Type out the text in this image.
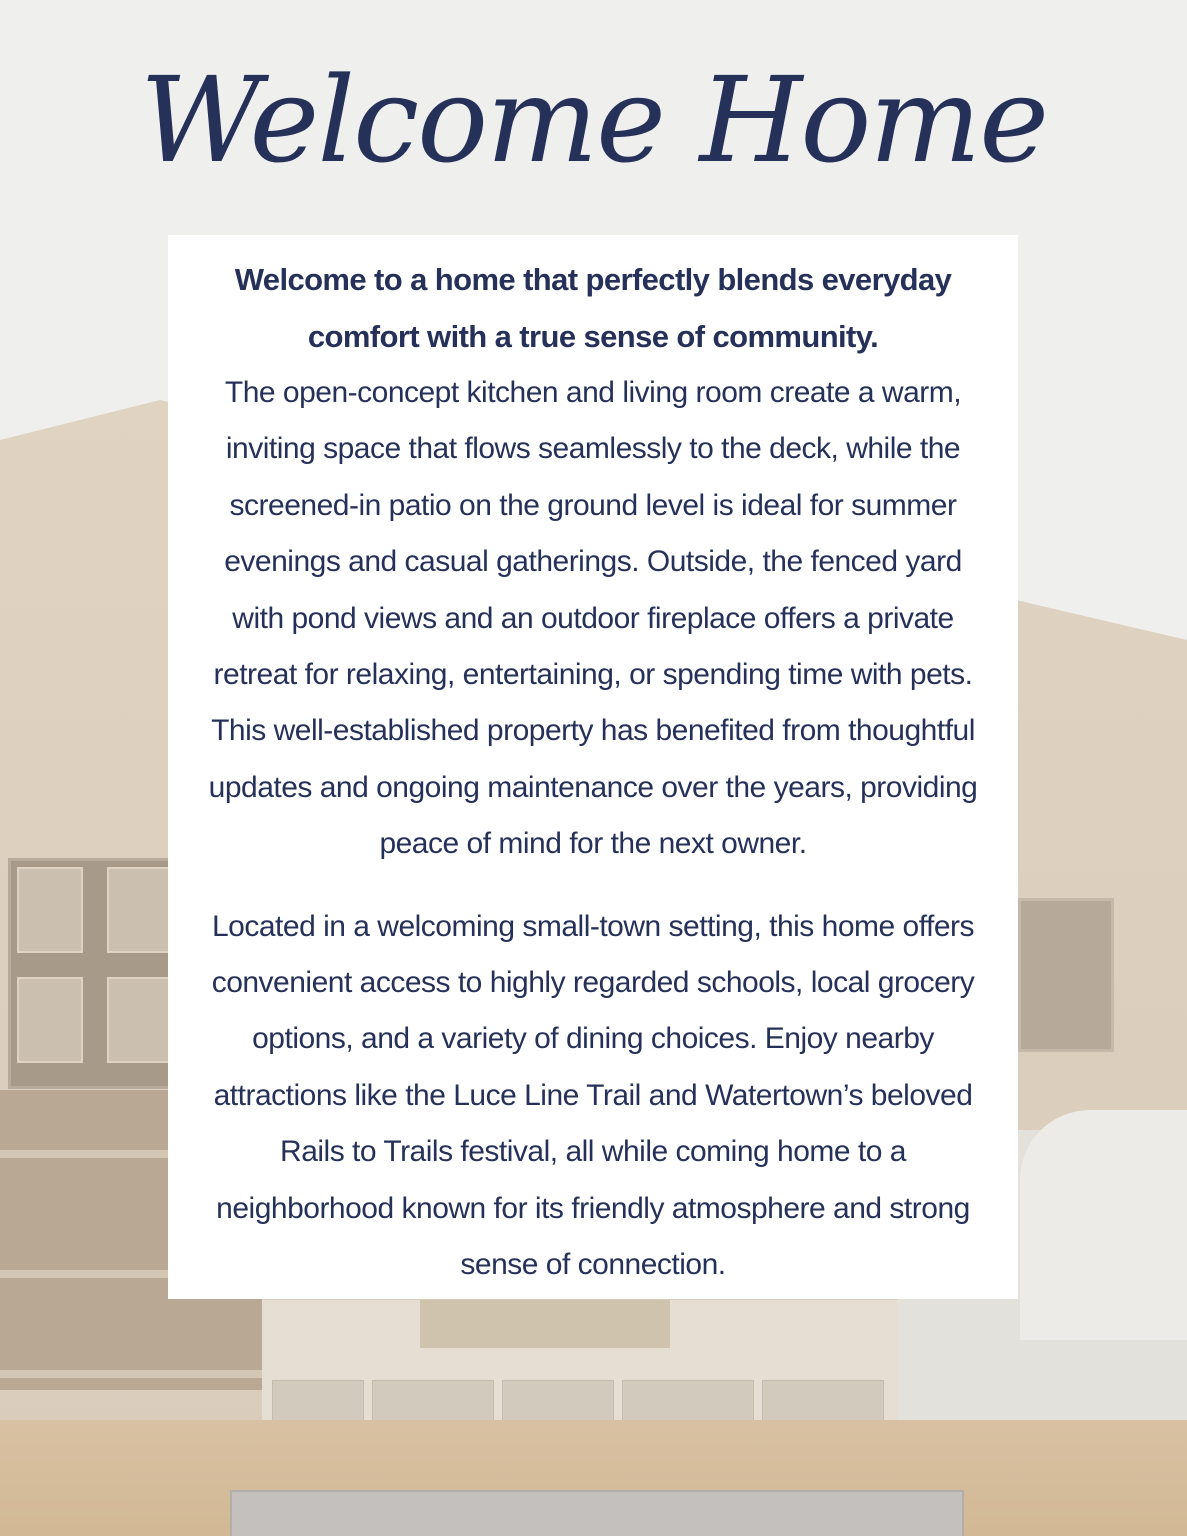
Welcome Home

Welcome to a home that perfectly blends everyday comfort with a true sense of community.

The open-concept kitchen and living room create a warm, inviting space that flows seamlessly to the deck, while the screened-in patio on the ground level is ideal for summer evenings and casual gatherings. Outside, the fenced yard with pond views and an outdoor fireplace offers a private retreat for relaxing, entertaining, or spending time with pets. This well-established property has benefited from thoughtful updates and ongoing maintenance over the years, providing peace of mind for the next owner.

Located in a welcoming small-town setting, this home offers convenient access to highly regarded schools, local grocery options, and a variety of dining choices. Enjoy nearby attractions like the Luce Line Trail and Watertown’s beloved Rails to Trails festival, all while coming home to a neighborhood known for its friendly atmosphere and strong sense of connection.
